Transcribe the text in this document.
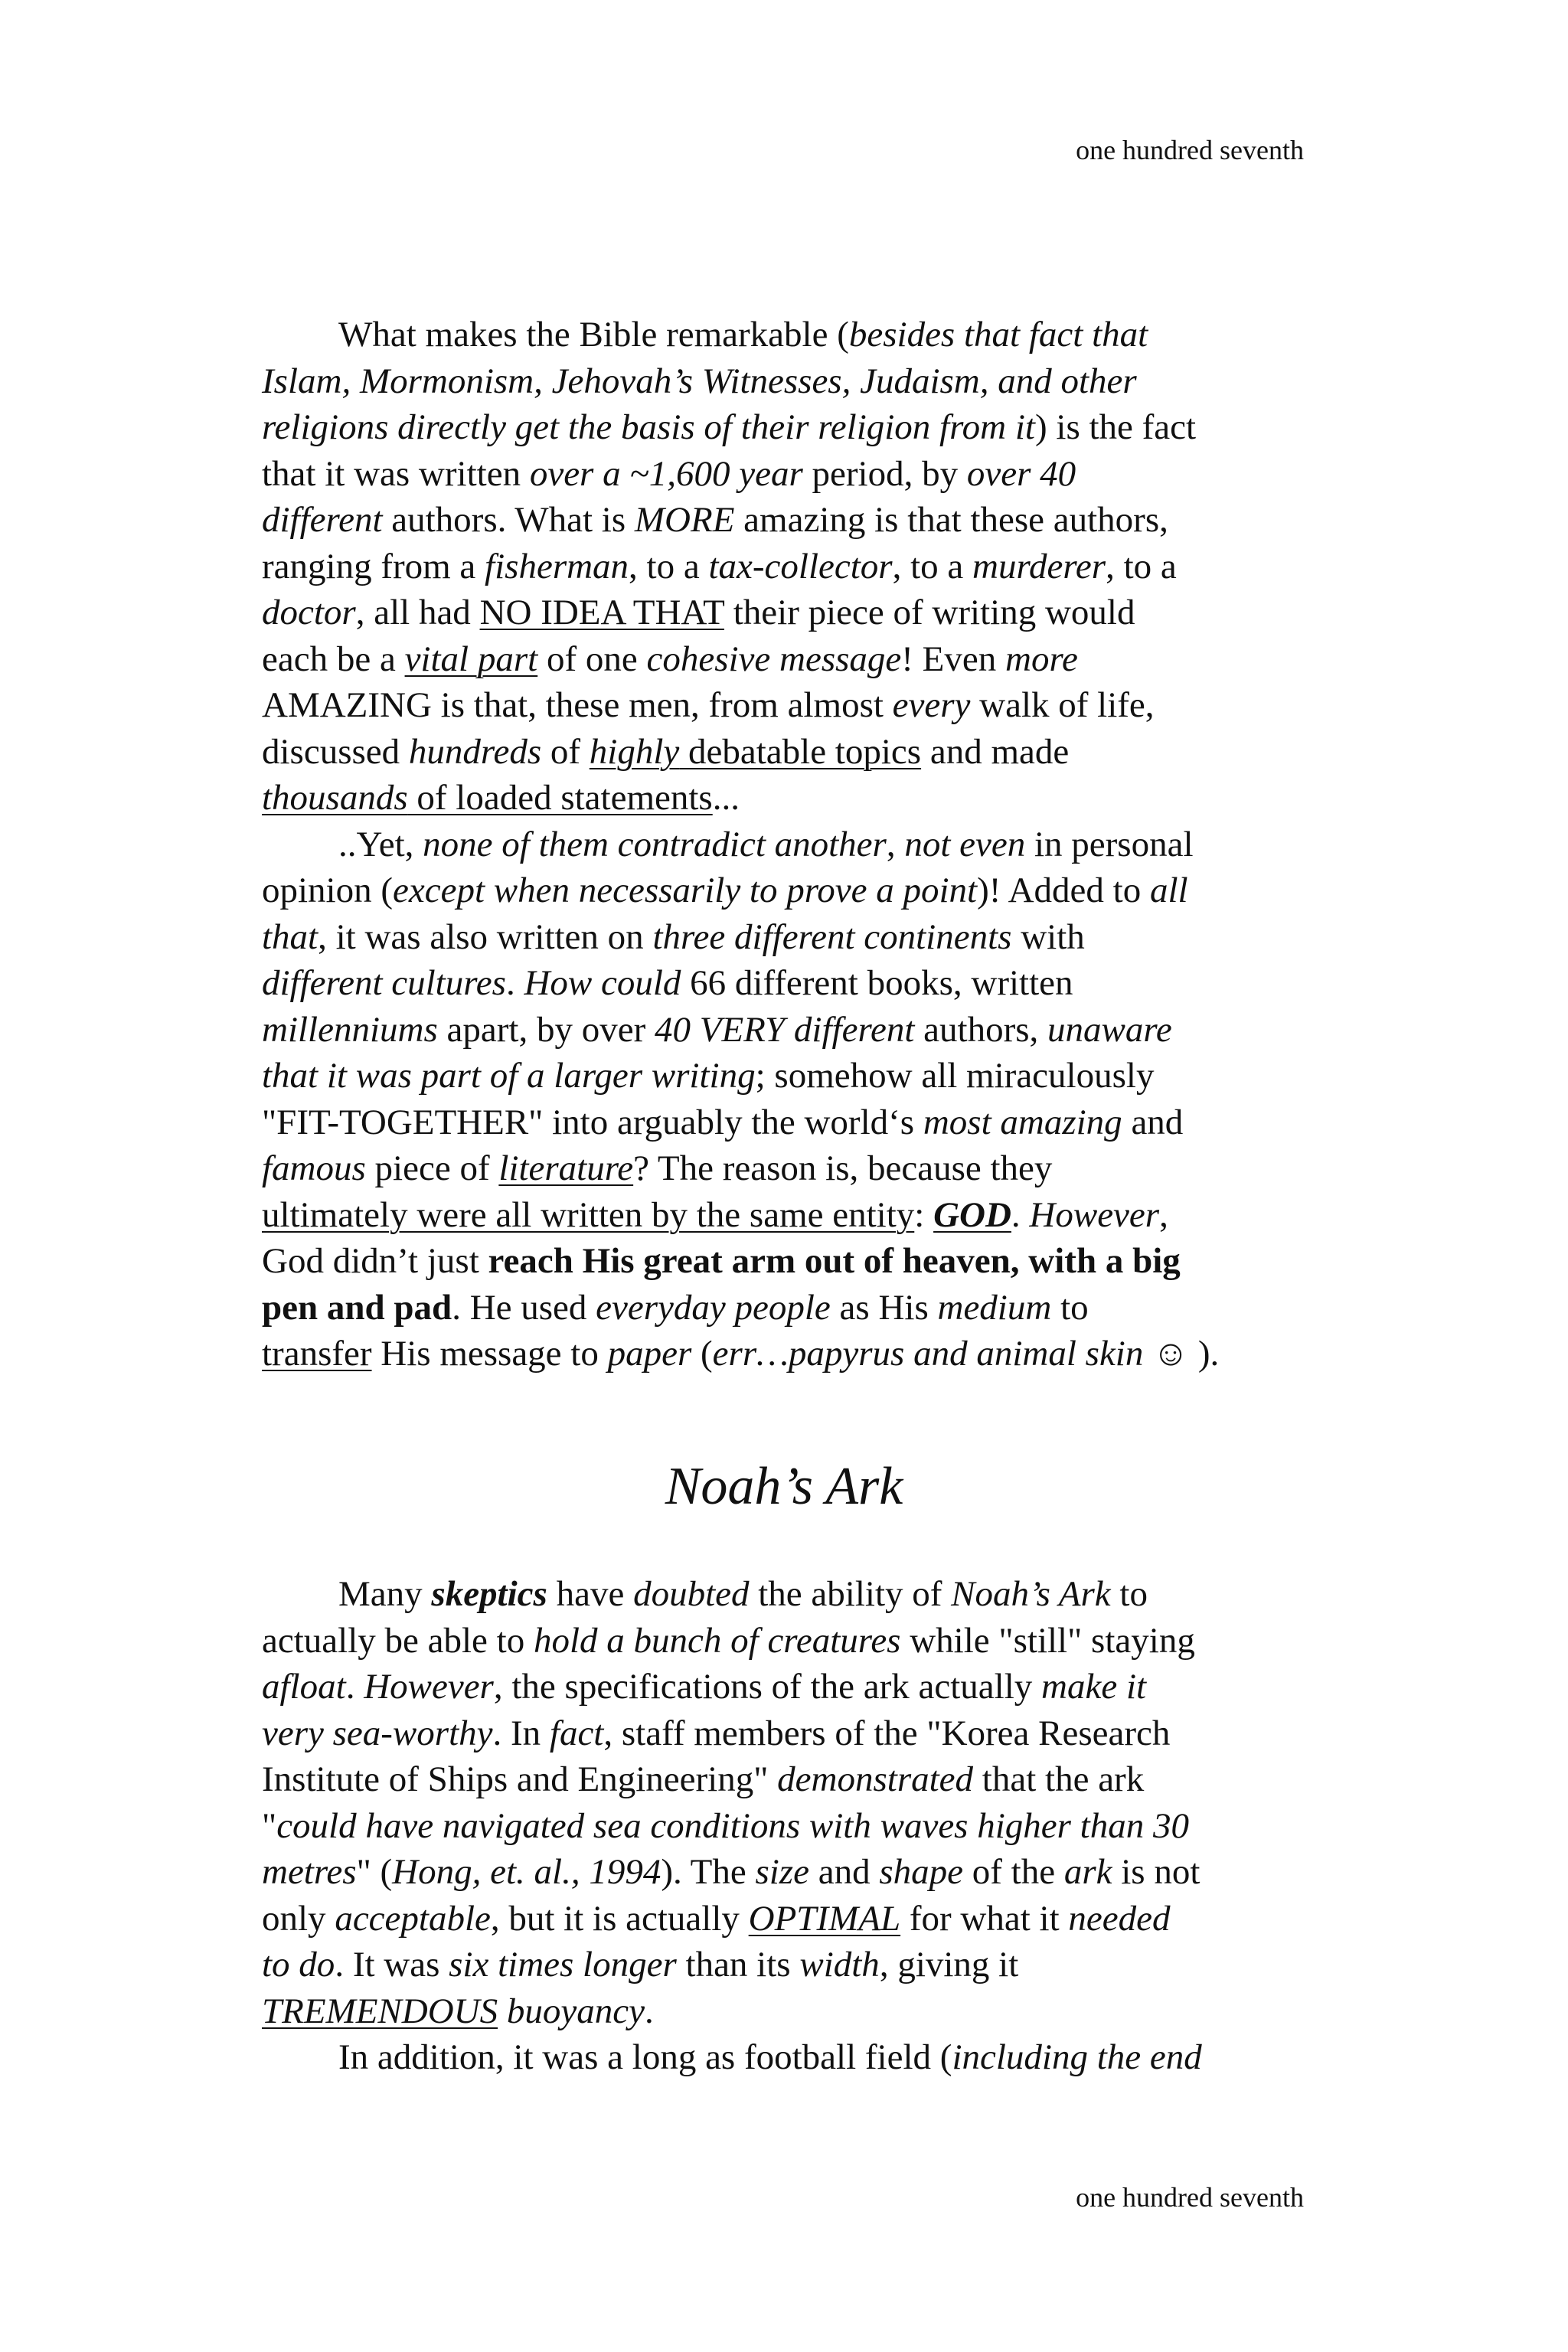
one hundred seventh
What makes the Bible remarkable (besides that fact that
Islam, Mormonism, Jehovah’s Witnesses, Judaism, and other
religions directly get the basis of their religion from it) is the fact
that it was written over a ~1,600 year period, by over 40
different authors. What is MORE amazing is that these authors,
ranging from a fisherman, to a tax-collector, to a murderer, to a
doctor, all had NO IDEA THAT their piece of writing would
each be a vital part of one cohesive message! Even more
AMAZING is that, these men, from almost every walk of life,
discussed hundreds of highly debatable topics and made
thousands of loaded statements...
..Yet, none of them contradict another, not even in personal
opinion (except when necessarily to prove a point)! Added to all
that, it was also written on three different continents with
different cultures. How could 66 different books, written
millenniums apart, by over 40 VERY different authors, unaware
that it was part of a larger writing; somehow all miraculously
"FIT-TOGETHER" into arguably the world‘s most amazing and
famous piece of literature? The reason is, because they
ultimately were all written by the same entity: GOD. However,
God didn’t just reach His great arm out of heaven, with a big
pen and pad. He used everyday people as His medium to
transfer His message to paper (err…papyrus and animal skin ☺ ).
Noah’s Ark
Many skeptics have doubted the ability of Noah’s Ark to
actually be able to hold a bunch of creatures while "still" staying
afloat. However, the specifications of the ark actually make it
very sea-worthy. In fact, staff members of the "Korea Research
Institute of Ships and Engineering" demonstrated that the ark
"could have navigated sea conditions with waves higher than 30
metres" (Hong, et. al., 1994). The size and shape of the ark is not
only acceptable, but it is actually OPTIMAL for what it needed
to do. It was six times longer than its width, giving it
TREMENDOUS buoyancy.
In addition, it was a long as football field (including the end
one hundred seventh
